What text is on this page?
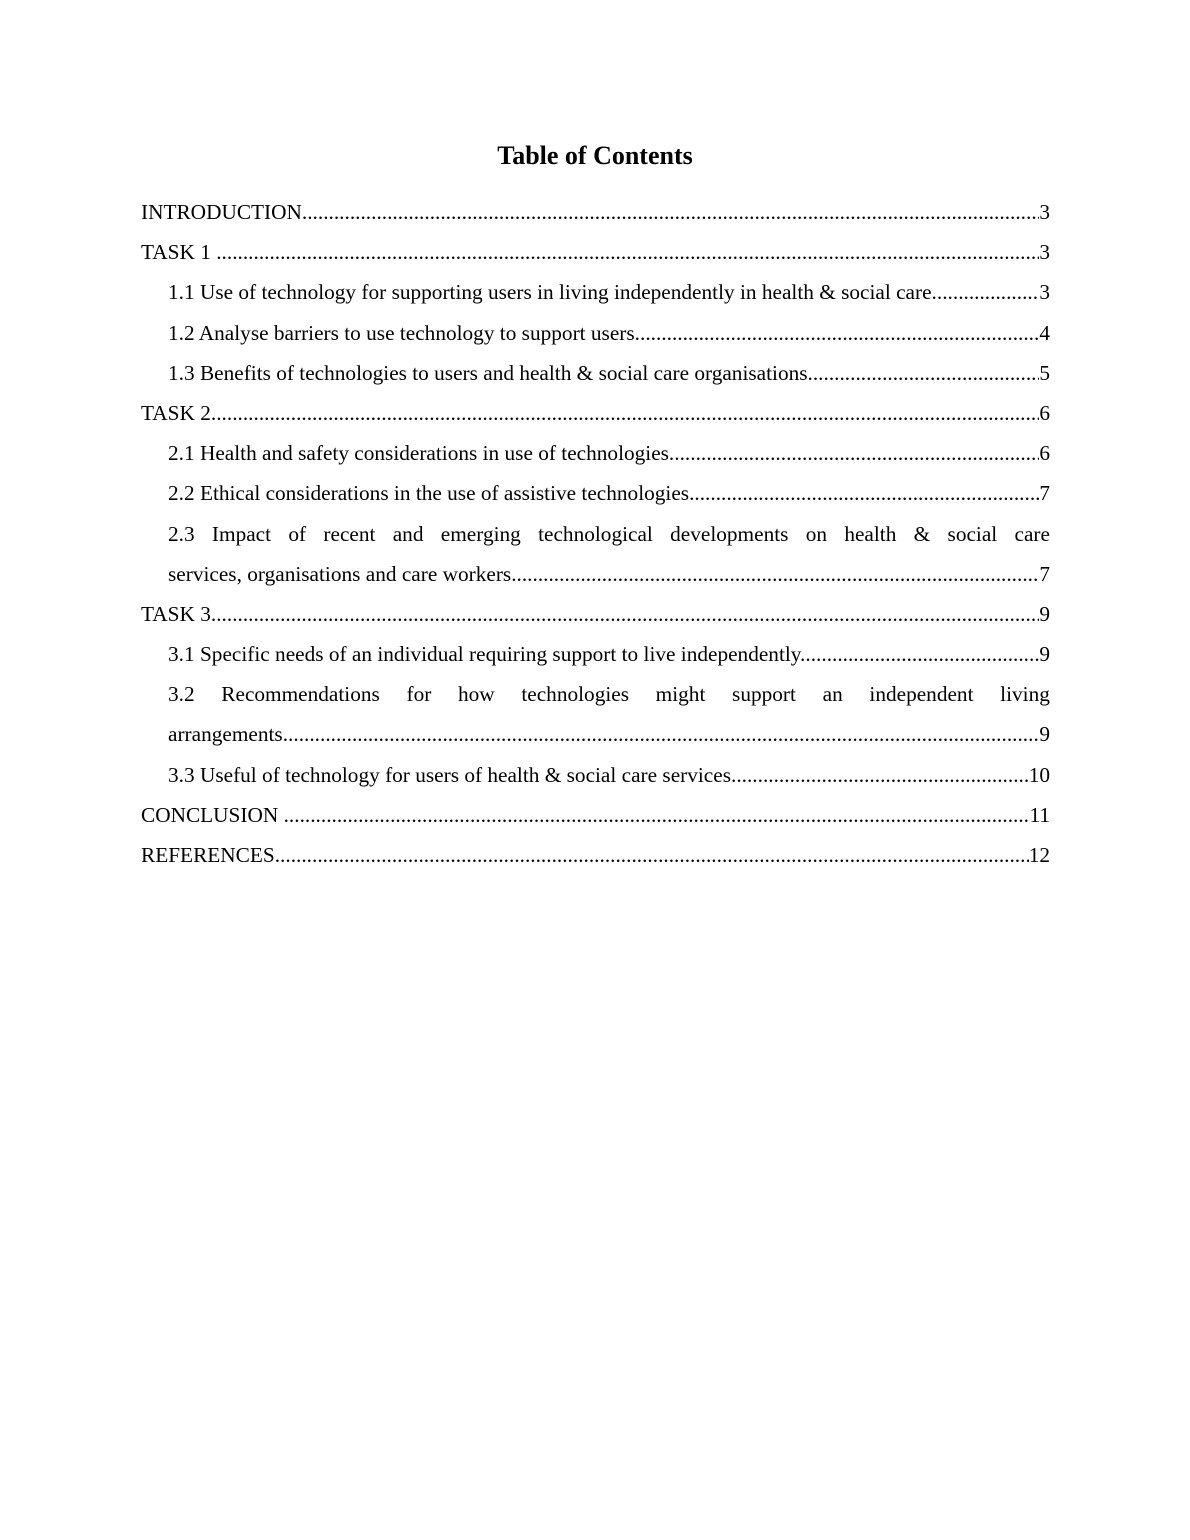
Table of Contents
INTRODUCTION .....	3
TASK 1 .....	3
1.1 Use of technology for supporting users in living independently in health & social care. .....	3
1.2 Analyse barriers to use technology to support users. .....	4
1.3 Benefits of technologies to users and health & social care organisations. .....	5
TASK 2. .....	6
2.1 Health and safety considerations in use of technologies. .....	6
2.2 Ethical considerations in the use of assistive technologies. .....	7
2.3 Impact of recent and emerging technological developments on health & social care
services, organisations and care workers. .....	7
TASK 3. .....	9
3.1 Specific needs of an individual requiring support to live independently. .....	9
3.2 Recommendations for how technologies might support an independent living
arrangements. .....	9
3.3 Useful of technology for users of health & social care services. .....	10
CONCLUSION .....	11
REFERENCES. .....	12
